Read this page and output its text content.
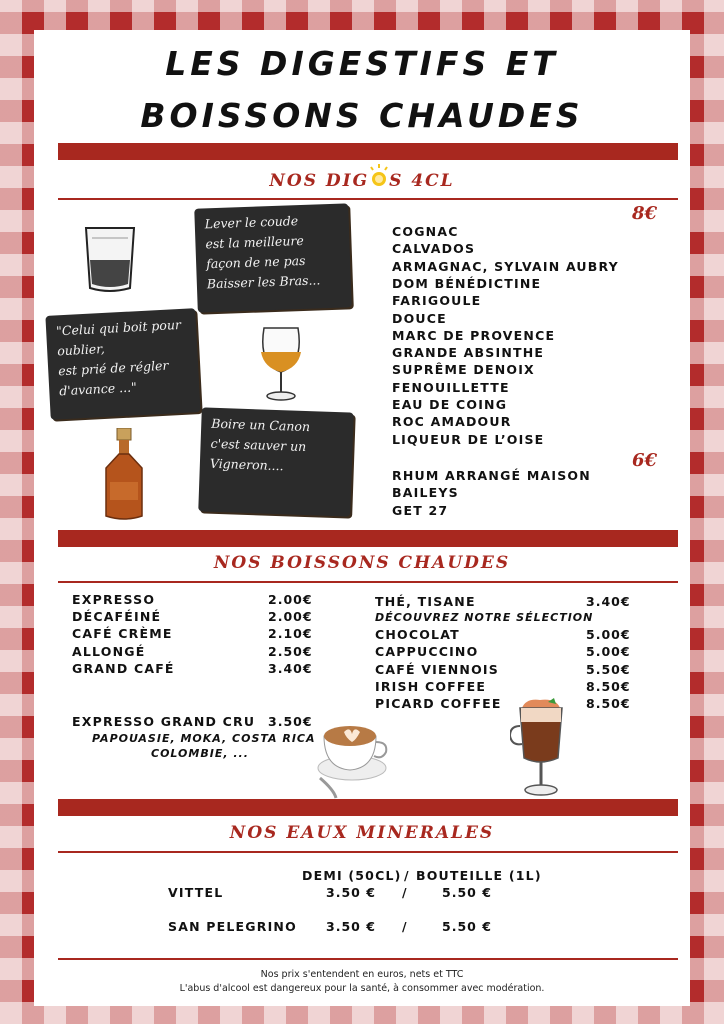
LES DIGESTIFS ET
BOISSONS CHAUDES
NOS DIG S 4CL
8€
6€
Lever le coude
est la meilleure
façon de ne pas
Baisser les Bras...
"Celui qui boit pour
oublier,
est prié de régler
d'avance ..."
Boire un Canon
c'est sauver un
Vigneron....
NOS BOISSONS CHAUDES
EXPRESSO GRAND CRU 3.50€
PAPOUASIE, MOKA, COSTA RICA
COLOMBIE, ...
THÉ, TISANE	3.40€
DÉCOUVREZ NOTRE SÉLECTION
NOS EAUX MINERALES
DEMI (50CL) / BOUTEILLE (1L)
VITTEL	3.50 € /	5.50 €
SAN PELEGRINO 3.50 € /	5.50 €
Nos prix s'entendent en euros, nets et TTC
L'abus d'alcool est dangereux pour la santé, à consommer avec modération.
COGNAC
CALVADOS
ARMAGNAC, SYLVAIN AUBRY
DOM BÉNÉDICTINE
FARIGOULE
DOUCE
MARC DE PROVENCE
GRANDE ABSINTHE
SUPRÊME DENOIX
FENOUILLETTE
EAU DE COING
ROC AMADOUR
LIQUEUR DE L’OISE
RHUM ARRANGÉ MAISON
BAILEYS
GET 27
EXPRESSO	2.00€
DÉCAFÉINÉ	2.00€
CAFÉ CRÈME	2.10€
ALLONGÉ	2.50€
GRAND CAFÉ	3.40€
CHOCOLAT	5.00€
CAPPUCCINO	5.00€
CAFÉ VIENNOIS	5.50€
IRISH COFFEE	8.50€
PICARD COFFEE	8.50€
